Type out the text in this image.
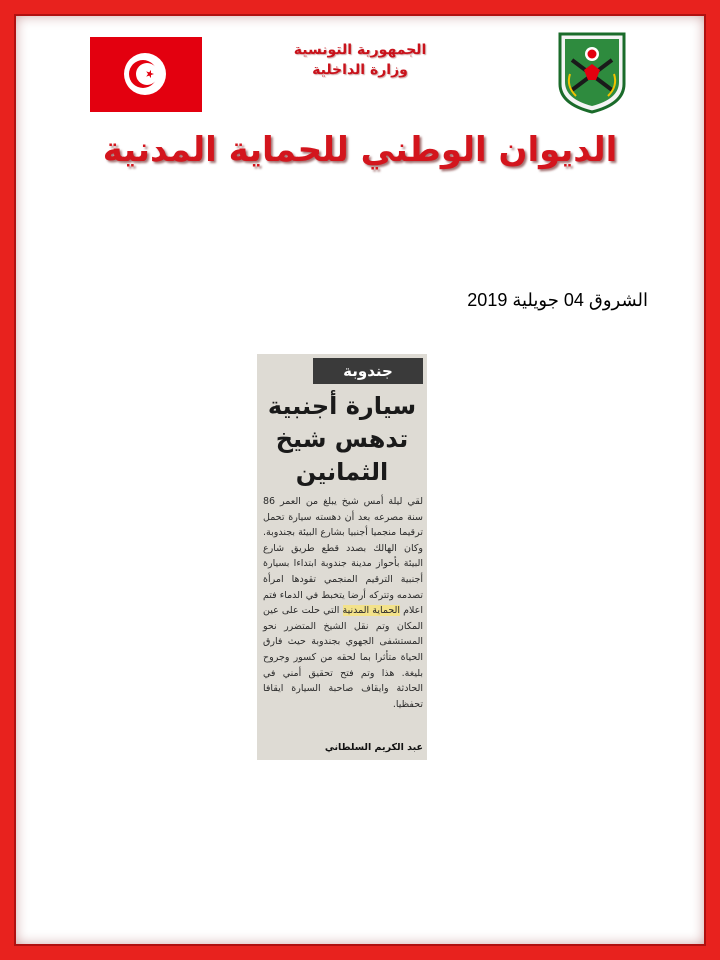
الجمهورية التونسية
وزارة الداخلية
الديوان الوطني للحماية المدنية
الشروق 04 جويلية 2019
جندوبة
سيارة أجنبية
تدهس شيخ
الثمانين
لقي ليلة أمس شيخ يبلغ من العمر 86 سنة مصرعه بعد أن دهسته سيارة تحمل ترقيما منجميا أجنبيا بشارع البيئة بجندوبة. وكان الهالك بصدد قطع طريق شارع البيئة بأحواز مدينة جندوبة ابتداءا بسيارة أجنبية الترقيم المنجمي تقودها امرأة تصدمه وتتركه أرضا يتخبط في الدماء فتم اعلام الحماية المدنية التي حلت على عين المكان وتم نقل الشيخ المتضرر نحو المستشفى الجهوي بجندوبة حيث فارق الحياة متأثرا بما لحقه من كسور وجروح بليغة. هذا وتم فتح تحقيق أمني في الحادثة وايقاف صاحبة السيارة ايقافا تحفظيا.
عبد الكريم السلطاني
